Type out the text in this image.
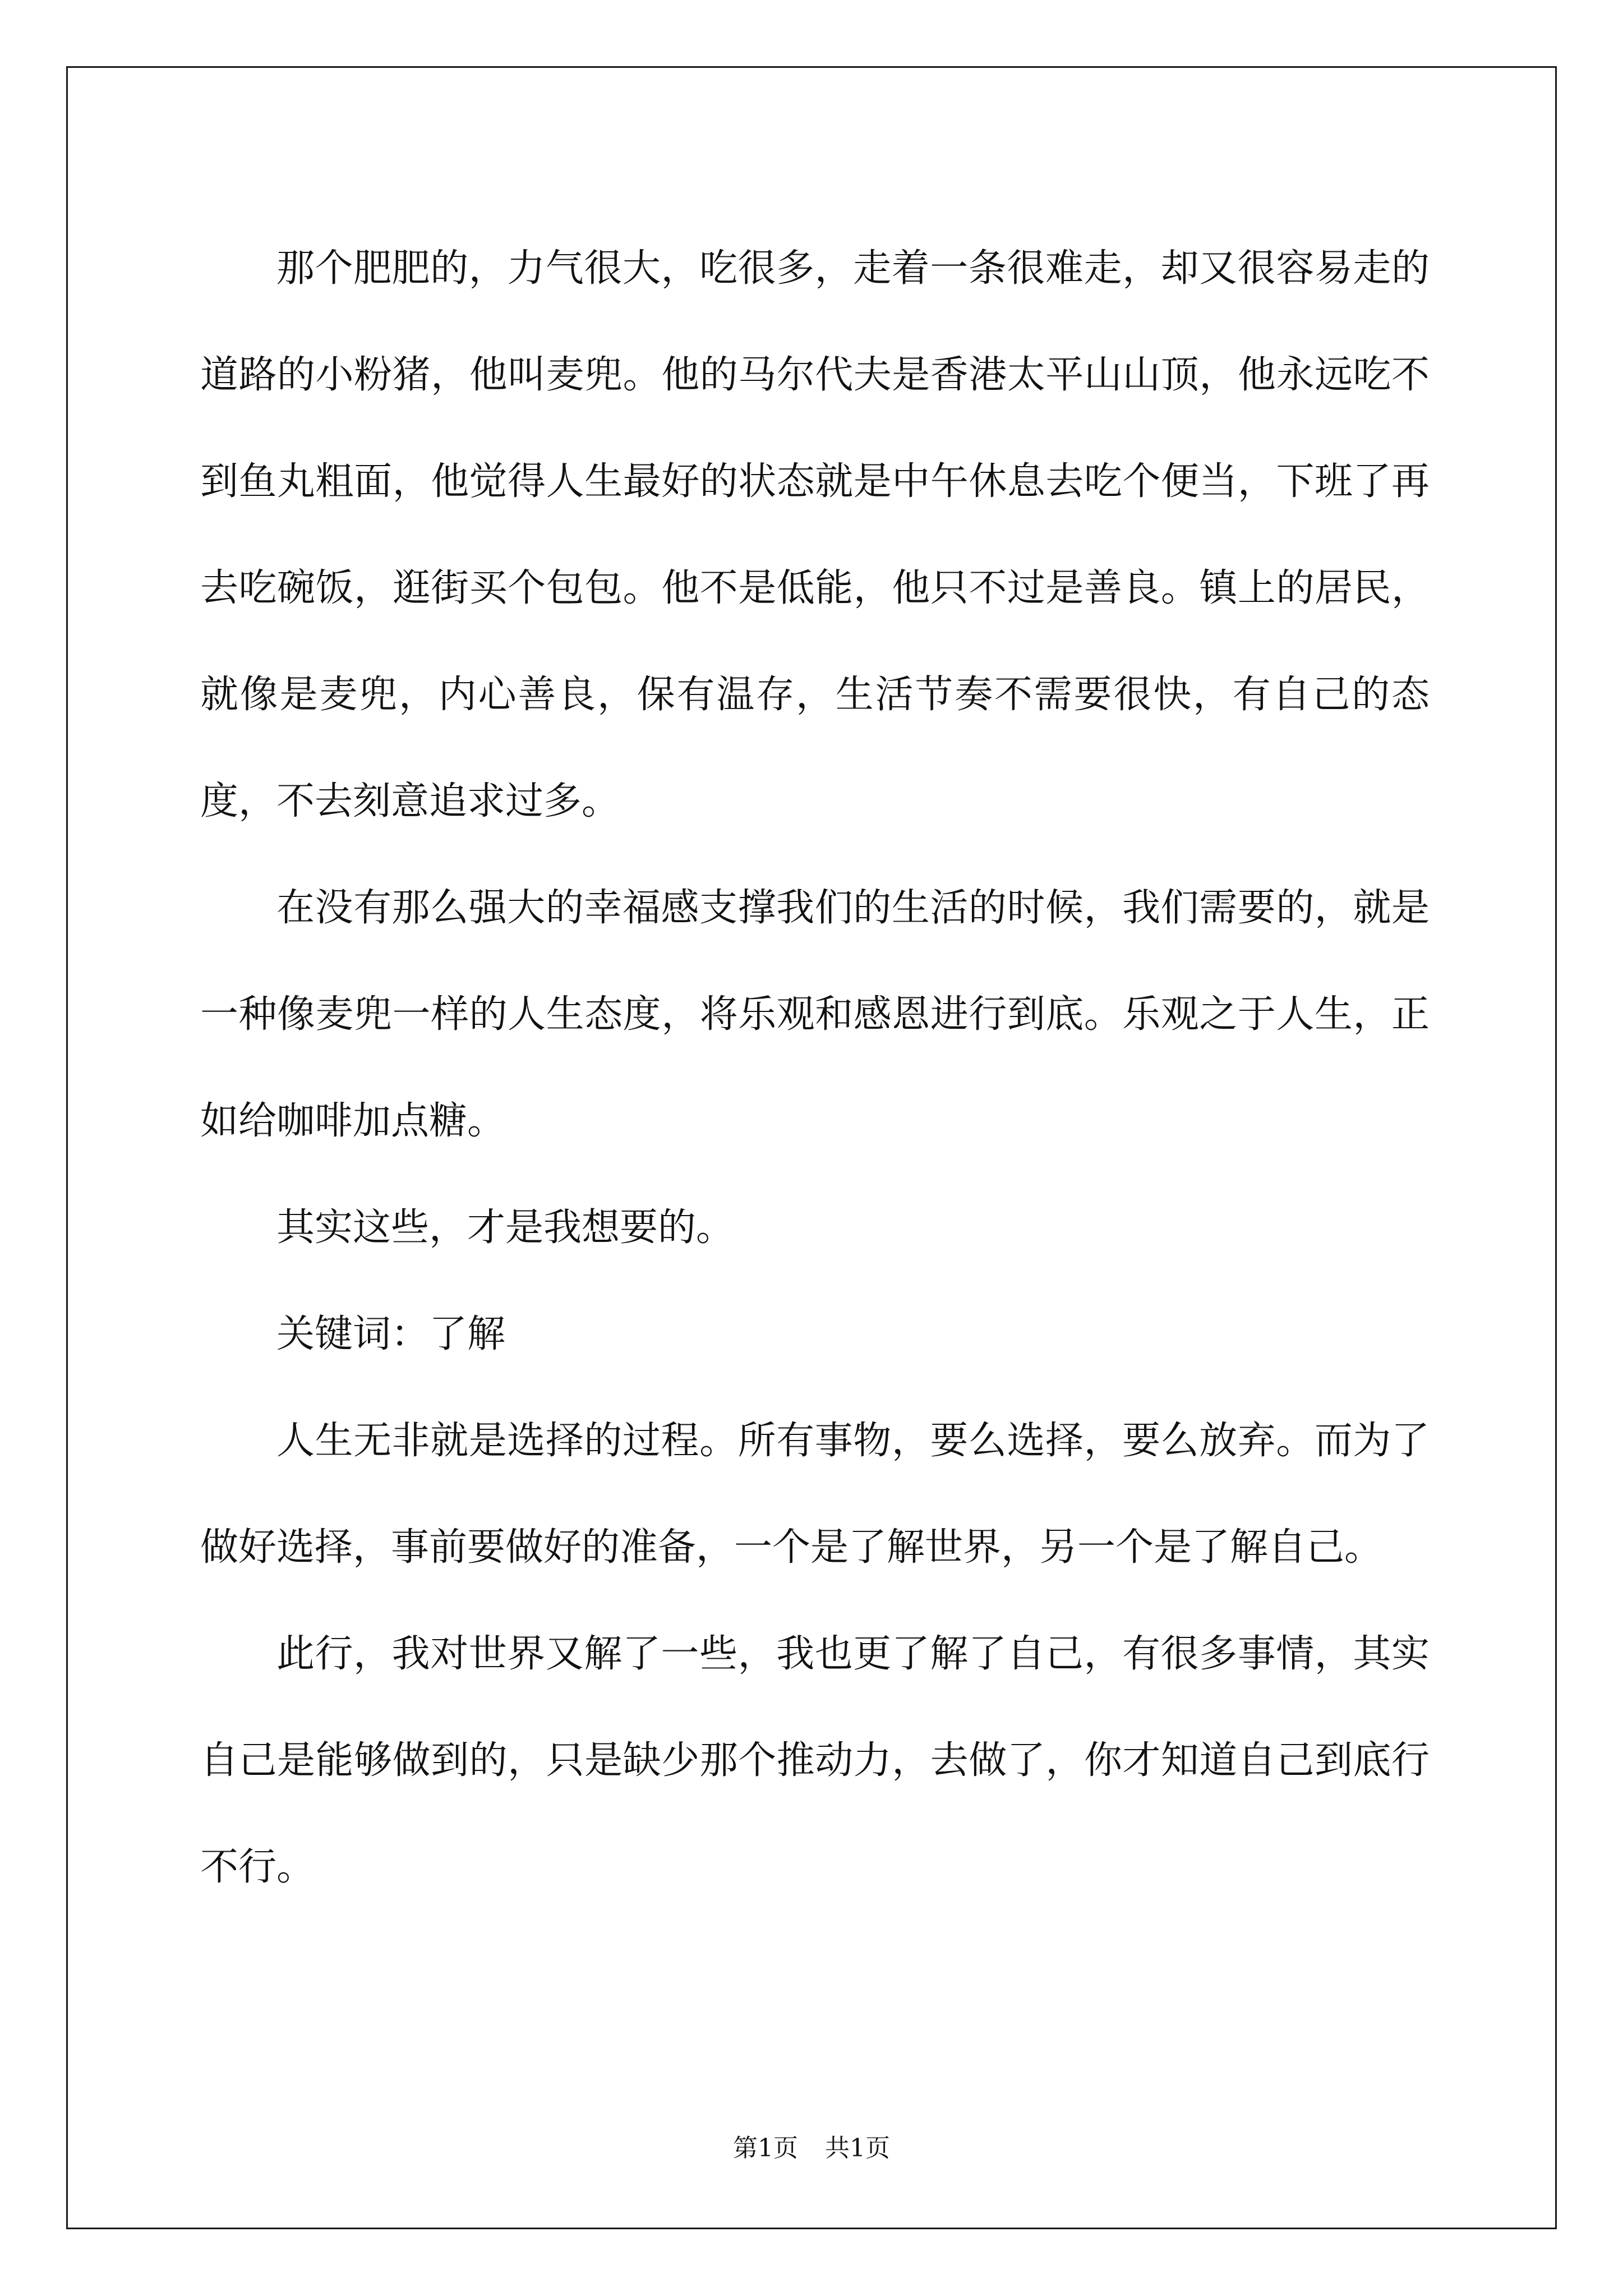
那个肥肥的，力气很大，吃很多，走着一条很难走，却又很容易走的道路的小粉猪，他叫麦兜。他的马尔代夫是香港太平山山顶，他永远吃不到鱼丸粗面，他觉得人生最好的状态就是中午休息去吃个便当，下班了再去吃碗饭，逛街买个包包。他不是低能，他只不过是善良。镇上的居民，就像是麦兜，内心善良，保有温存，生活节奏不需要很快，有自己的态度，不去刻意追求过多。

在没有那么强大的幸福感支撑我们的生活的时候，我们需要的，就是一种像麦兜一样的人生态度，将乐观和感恩进行到底。乐观之于人生，正如给咖啡加点糖。

其实这些，才是我想要的。

关键词：了解

人生无非就是选择的过程。所有事物，要么选择，要么放弃。而为了做好选择，事前要做好的准备，一个是了解世界，另一个是了解自己。

此行，我对世界又解了一些，我也更了解了自己，有很多事情，其实自己是能够做到的，只是缺少那个推动力，去做了，你才知道自己到底行不行。

第1页 共1页
